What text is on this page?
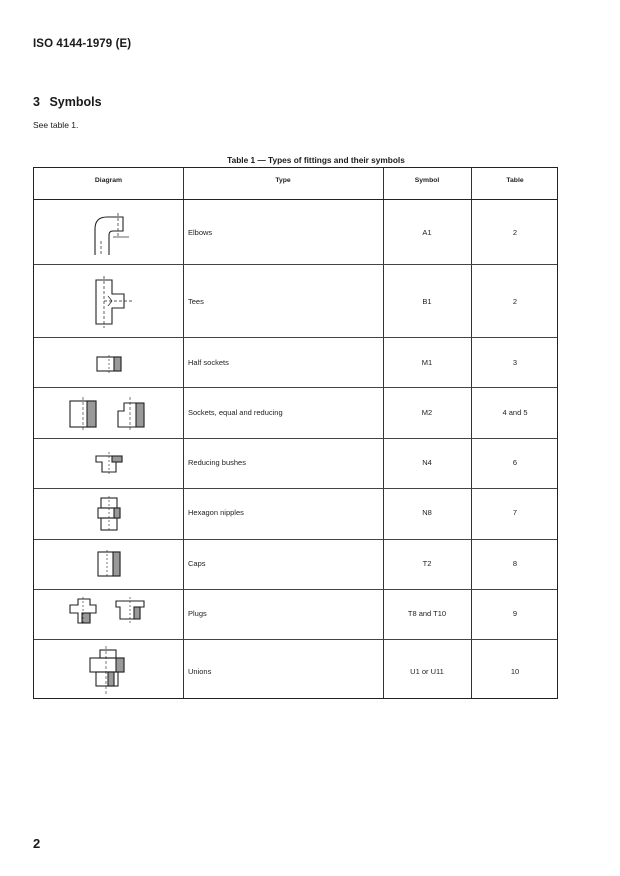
ISO 4144-1979 (E)
3 Symbols
See table 1.
Table 1 — Types of fittings and their symbols
Diagram	Type	Symbol	Table
Elbows	A1	2
Tees	B1	2
Half sockets	M1	3
Sockets, equal and reducing	M2	4 and 5
Reducing bushes	N4	6
Hexagon nipples	N8	7
Caps	T2	8
Plugs	T8 and T10	9
Unions	U1 or U11	10
2
